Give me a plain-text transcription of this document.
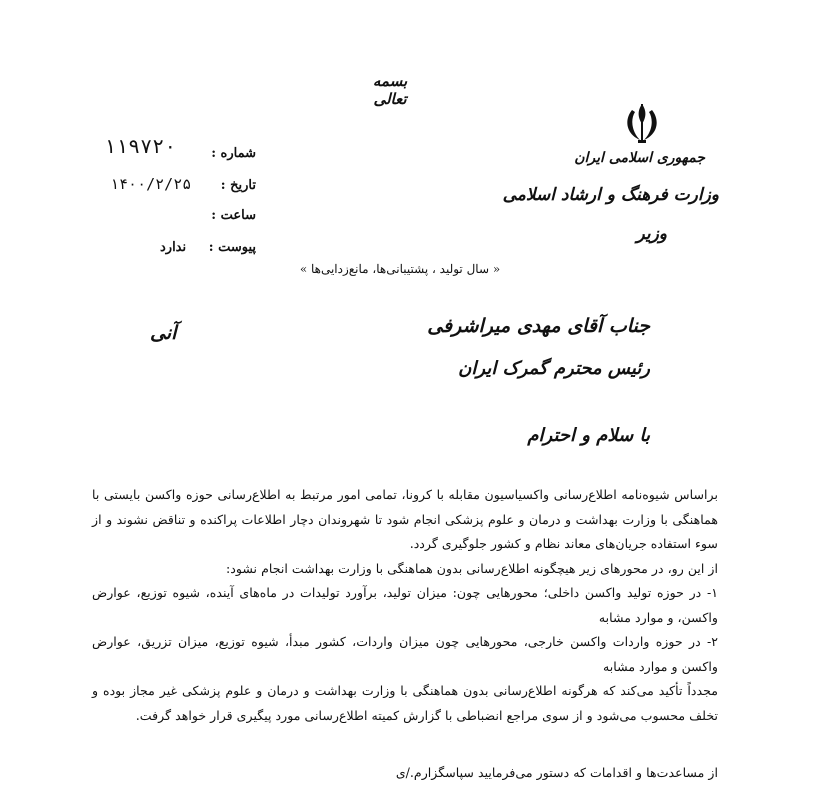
بسمه تعالی
جمهوری اسلامی ایران
وزارت فرهنگ و ارشاد اسلامی
وزیر
شماره :
۱۱۹۷۲۰
تاریخ :
۱۴۰۰/۲/۲۵
ساعت :
پیوست :
ندارد
« سال تولید ، پشتیبانی‌ها، مانع‌زدایی‌ها »
جناب آقای مهدی میراشرفی
رئیس محترم گمرک ایران
آنی
با سلام و احترام

براساس شیوه‌نامه اطلاع‌رسانی واکسیاسیون مقابله با کرونا، تمامی امور مرتبط به اطلاع‌رسانی حوزه واکسن بایستی با هماهنگی با وزارت بهداشت و درمان و علوم پزشکی انجام شود تا شهروندان دچار اطلاعات پراکنده و تناقض نشوند و از سوء استفاده جریان‌های معاند نظام و کشور جلوگیری گردد.

از این رو، در محورهای زیر هیچگونه اطلاع‌رسانی بدون هماهنگی با وزارت بهداشت انجام نشود:

۱- در حوزه تولید واکسن داخلی؛ محورهایی چون: میزان تولید، برآورد تولیدات در ماه‌های آینده، شیوه توزیع، عوارض واکسن، و موارد مشابه

۲- در حوزه واردات واکسن خارجی، محورهایی چون میزان واردات، کشور مبدأ، شیوه توزیع، میزان تزریق، عوارض واکسن و موارد مشابه

مجدداً تأکید می‌کند که هرگونه اطلاع‌رسانی بدون هماهنگی با وزارت بهداشت و درمان و علوم پزشکی غیر مجاز بوده و تخلف محسوب می‌شود و از سوی مراجع انضباطی با گزارش کمیته اطلاع‌رسانی مورد پیگیری قرار خواهد گرفت.

از مساعدت‌ها و اقدامات که دستور می‌فرمایید سپاسگزارم./ی
